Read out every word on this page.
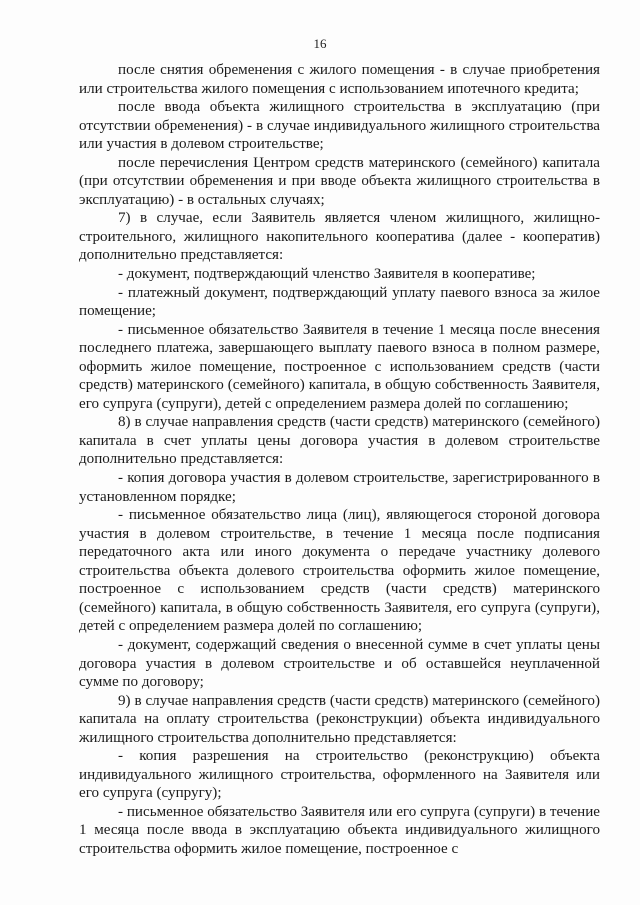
16

после снятия обременения с жилого помещения - в случае приобретения или строительства жилого помещения с использованием ипотечного кредита;

после ввода объекта жилищного строительства в эксплуатацию (при отсутствии обременения) - в случае индивидуального жилищного строительства или участия в долевом строительстве;

после перечисления Центром средств материнского (семейного) капитала (при отсутствии обременения и при вводе объекта жилищного строительства в эксплуатацию) - в остальных случаях;

7) в случае, если Заявитель является членом жилищного, жилищно-строительного, жилищного накопительного кооператива (далее - кооператив) дополнительно представляется:

- документ, подтверждающий членство Заявителя в кооперативе;

- платежный документ, подтверждающий уплату паевого взноса за жилое помещение;

- письменное обязательство Заявителя в течение 1 месяца после внесения последнего платежа, завершающего выплату паевого взноса в полном размере, оформить жилое помещение, построенное с использованием средств (части средств) материнского (семейного) капитала, в общую собственность Заявителя, его супруга (супруги), детей с определением размера долей по соглашению;

8) в случае направления средств (части средств) материнского (семейного) капитала в счет уплаты цены договора участия в долевом строительстве дополнительно представляется:

- копия договора участия в долевом строительстве, зарегистрированного в установленном порядке;

- письменное обязательство лица (лиц), являющегося стороной договора участия в долевом строительстве, в течение 1 месяца после подписания передаточного акта или иного документа о передаче участнику долевого строительства объекта долевого строительства оформить жилое помещение, построенное с использованием средств (части средств) материнского (семейного) капитала, в общую собственность Заявителя, его супруга (супруги), детей с определением размера долей по соглашению;

- документ, содержащий сведения о внесенной сумме в счет уплаты цены договора участия в долевом строительстве и об оставшейся неуплаченной сумме по договору;

9) в случае направления средств (части средств) материнского (семейного) капитала на оплату строительства (реконструкции) объекта индивидуального жилищного строительства дополнительно представляется:

- копия разрешения на строительство (реконструкцию) объекта индивидуального жилищного строительства, оформленного на Заявителя или его супруга (супругу);

- письменное обязательство Заявителя или его супруга (супруги) в течение 1 месяца после ввода в эксплуатацию объекта индивидуального жилищного строительства оформить жилое помещение, построенное с
